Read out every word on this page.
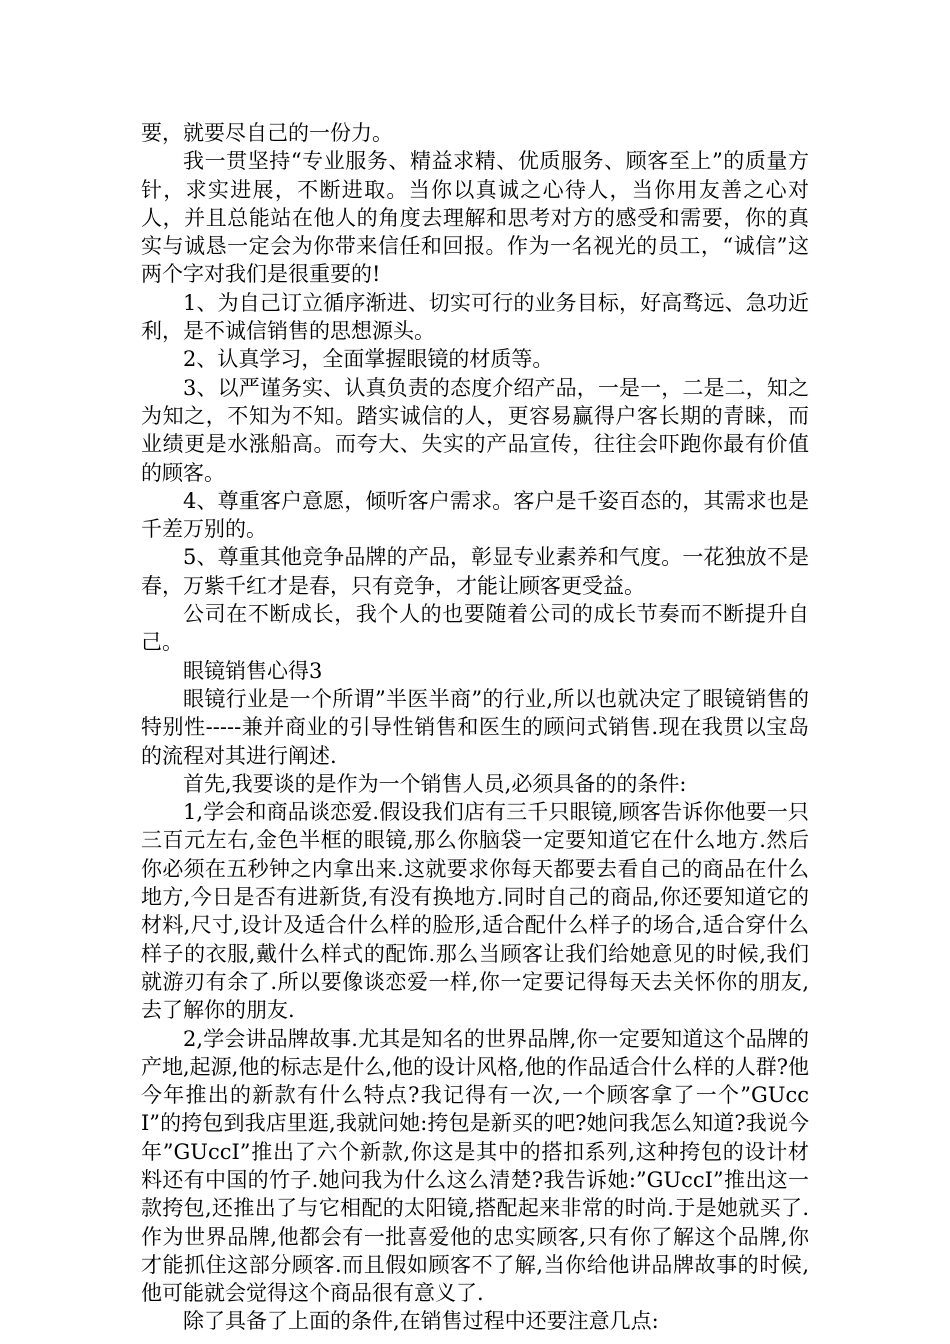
要，就要尽自己的一份力。

我一贯坚持“专业服务、精益求精、优质服务、顾客至上”的质量方针，求实进展，不断进取。当你以真诚之心待人，当你用友善之心对人，并且总能站在他人的角度去理解和思考对方的感受和需要，你的真实与诚恳一定会为你带来信任和回报。作为一名视光的员工，“诚信”这两个字对我们是很重要的!

1、为自己订立循序渐进、切实可行的业务目标，好高骛远、急功近利，是不诚信销售的思想源头。

2、认真学习，全面掌握眼镜的材质等。

3、以严谨务实、认真负责的态度介绍产品，一是一，二是二，知之为知之，不知为不知。踏实诚信的人，更容易赢得户客长期的青睐，而业绩更是水涨船高。而夸大、失实的产品宣传，往往会吓跑你最有价值的顾客。

4、尊重客户意愿，倾听客户需求。客户是千姿百态的，其需求也是千差万别的。

5、尊重其他竞争品牌的产品，彰显专业素养和气度。一花独放不是春，万紫千红才是春，只有竞争，才能让顾客更受益。

公司在不断成长，我个人的也要随着公司的成长节奏而不断提升自己。

眼镜销售心得3

眼镜行业是一个所谓”半医半商”的行业,所以也就决定了眼镜销售的特别性-----兼并商业的引导性销售和医生的顾问式销售.现在我贯以宝岛的流程对其进行阐述.

首先,我要谈的是作为一个销售人员,必须具备的的条件:

1,学会和商品谈恋爱.假设我们店有三千只眼镜,顾客告诉你他要一只三百元左右,金色半框的眼镜,那么你脑袋一定要知道它在什么地方.然后你必须在五秒钟之内拿出来.这就要求你每天都要去看自己的商品在什么地方,今日是否有进新货,有没有换地方.同时自己的商品,你还要知道它的材料,尺寸,设计及适合什么样的脸形,适合配什么样子的场合,适合穿什么样子的衣服,戴什么样式的配饰.那么当顾客让我们给她意见的时候,我们就游刃有余了.所以要像谈恋爱一样,你一定要记得每天去关怀你的朋友,去了解你的朋友.

2,学会讲品牌故事.尤其是知名的世界品牌,你一定要知道这个品牌的产地,起源,他的标志是什么,他的设计风格,他的作品适合什么样的人群?他今年推出的新款有什么特点?我记得有一次,一个顾客拿了一个”GUccI”的挎包到我店里逛,我就问她:挎包是新买的吧?她问我怎么知道?我说今年”GUccI”推出了六个新款,你这是其中的搭扣系列,这种挎包的设计材料还有中国的竹子.她问我为什么这么清楚?我告诉她:”GUccI”推出这一款挎包,还推出了与它相配的太阳镜,搭配起来非常的时尚.于是她就买了.作为世界品牌,他都会有一批喜爱他的忠实顾客,只有你了解这个品牌,你才能抓住这部分顾客.而且假如顾客不了解,当你给他讲品牌故事的时候,他可能就会觉得这个商品很有意义了.

除了具备了上面的条件,在销售过程中还要注意几点:
